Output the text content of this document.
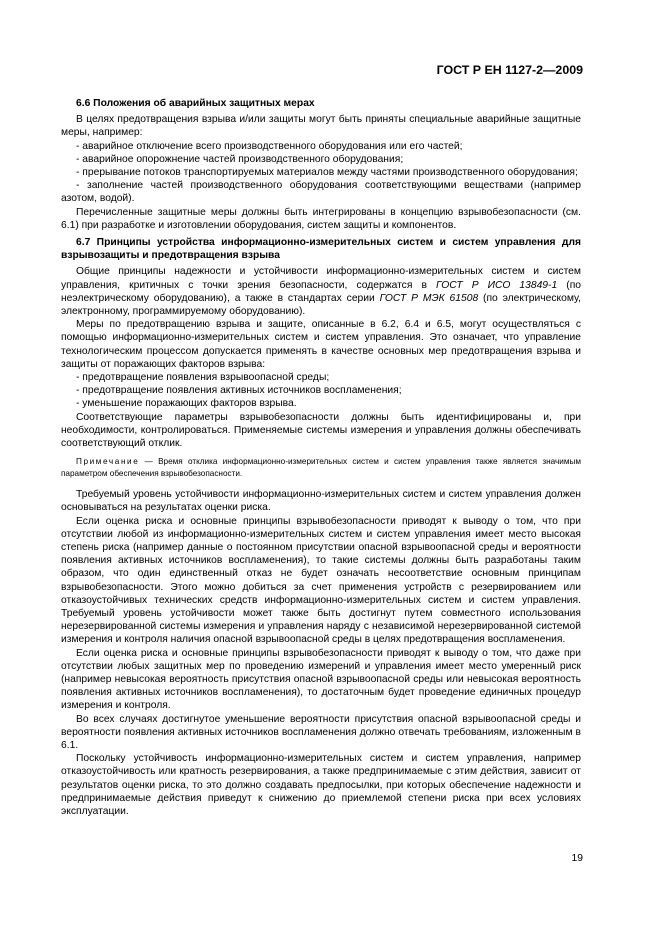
ГОСТ Р ЕН 1127-2—2009

6.6 Положения об аварийных защитных мерах

В целях предотвращения взрыва и/или защиты могут быть приняты специальные аварийные защитные меры, например:

- аварийное отключение всего производственного оборудования или его частей;

- аварийное опорожнение частей производственного оборудования;

- прерывание потоков транспортируемых материалов между частями производственного оборудования;

- заполнение частей производственного оборудования соответствующими веществами (например азотом, водой).

Перечисленные защитные меры должны быть интегрированы в концепцию взрывобезопасности (см. 6.1) при разработке и изготовлении оборудования, систем защиты и компонентов.

6.7 Принципы устройства информационно-измерительных систем и систем управления для взрывозащиты и предотвращения взрыва

Общие принципы надежности и устойчивости информационно-измерительных систем и систем управления, критичных с точки зрения безопасности, содержатся в ГОСТ Р ИСО 13849-1 (по неэлектрическому оборудованию), а также в стандартах серии ГОСТ Р МЭК 61508 (по электрическому, электронному, программируемому оборудованию).

Меры по предотвращению взрыва и защите, описанные в 6.2, 6.4 и 6.5, могут осуществляться с помощью информационно-измерительных систем и систем управления. Это означает, что управление технологическим процессом допускается применять в качестве основных мер предотвращения взрыва и защиты от поражающих факторов взрыва:

- предотвращение появления взрывоопасной среды;

- предотвращение появления активных источников воспламенения;

- уменьшение поражающих факторов взрыва.

Соответствующие параметры взрывобезопасности должны быть идентифицированы и, при необходимости, контролироваться. Применяемые системы измерения и управления должны обеспечивать соответствующий отклик.

Примечание — Время отклика информационно-измерительных систем и систем управления также является значимым параметром обеспечения взрывобезопасности.

Требуемый уровень устойчивости информационно-измерительных систем и систем управления должен основываться на результатах оценки риска.

Если оценка риска и основные принципы взрывобезопасности приводят к выводу о том, что при отсутствии любой из информационно-измерительных систем и систем управления имеет место высокая степень риска (например данные о постоянном присутствии опасной взрывоопасной среды и вероятности появления активных источников воспламенения), то такие системы должны быть разработаны таким образом, что один единственный отказ не будет означать несоответствие основным принципам взрывобезопасности. Этого можно добиться за счет применения устройств с резервированием или отказоустойчивых технических средств информационно-измерительных систем и систем управления. Требуемый уровень устойчивости может также быть достигнут путем совместного использования нерезервированной системы измерения и управления наряду с независимой нерезервированной системой измерения и контроля наличия опасной взрывоопасной среды в целях предотвращения воспламенения.

Если оценка риска и основные принципы взрывобезопасности приводят к выводу о том, что даже при отсутствии любых защитных мер по проведению измерений и управления имеет место умеренный риск (например невысокая вероятность присутствия опасной взрывоопасной среды или невысокая вероятность появления активных источников воспламенения), то достаточным будет проведение единичных процедур измерения и контроля.

Во всех случаях достигнутое уменьшение вероятности присутствия опасной взрывоопасной среды и вероятности появления активных источников воспламенения должно отвечать требованиям, изложенным в 6.1.

Поскольку устойчивость информационно-измерительных систем и систем управления, например отказоустойчивость или кратность резервирования, а также предпринимаемые с этим действия, зависит от результатов оценки риска, то это должно создавать предпосылки, при которых обеспечение надежности и предпринимаемые действия приведут к снижению до приемлемой степени риска при всех условиях эксплуатации.

19
